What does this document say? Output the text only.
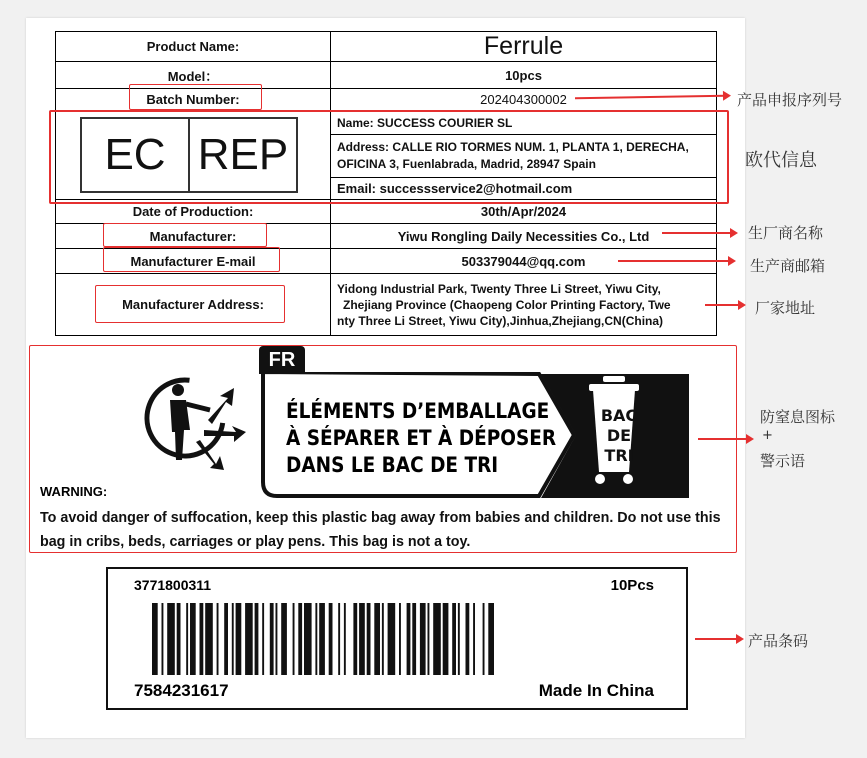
Product Name:	Ferrule
Model：	10pcs
Batch Number:	202404300002

EC REP	Name: SUCCESS COURIER SL

	Address: CALLE RIO TORMES NUM. 1, PLANTA 1, DERECHA,
OFICINA 3, Fuenlabrada, Madrid, 28947 Spain

	Email: successservice2@hotmail.com
Date of Production:	30th/Apr/2024
Manufacturer:	Yiwu Rongling Daily Necessities Co., Ltd
Manufacturer E-mail	503379044@qq.com
Manufacturer Address:	Yidong Industrial Park, Twenty Three Li Street, Yiwu City,
Zhejiang Province (Chaopeng Color Printing Factory, Twe
nty Three Li Street, Yiwu City),Jinhua,Zhejiang,CN(China)
产品申报序列号
欧代信息
生厂商名称
生产商邮箱
厂家地址
防窒息图标
+
警示语
产品条码
FR
ÉLÉMENTS D’EMBALLAGE
À SÉPARER ET À DÉPOSER
DANS LE BAC DE TRI
BAC
DE
TRI
WARNING:
To avoid danger of suffocation, keep this plastic bag away from babies and children. Do not use this
bag in cribs, beds, carriages or play pens. This bag is not a toy.
3771800311	10Pcs
7584231617	Made In China
